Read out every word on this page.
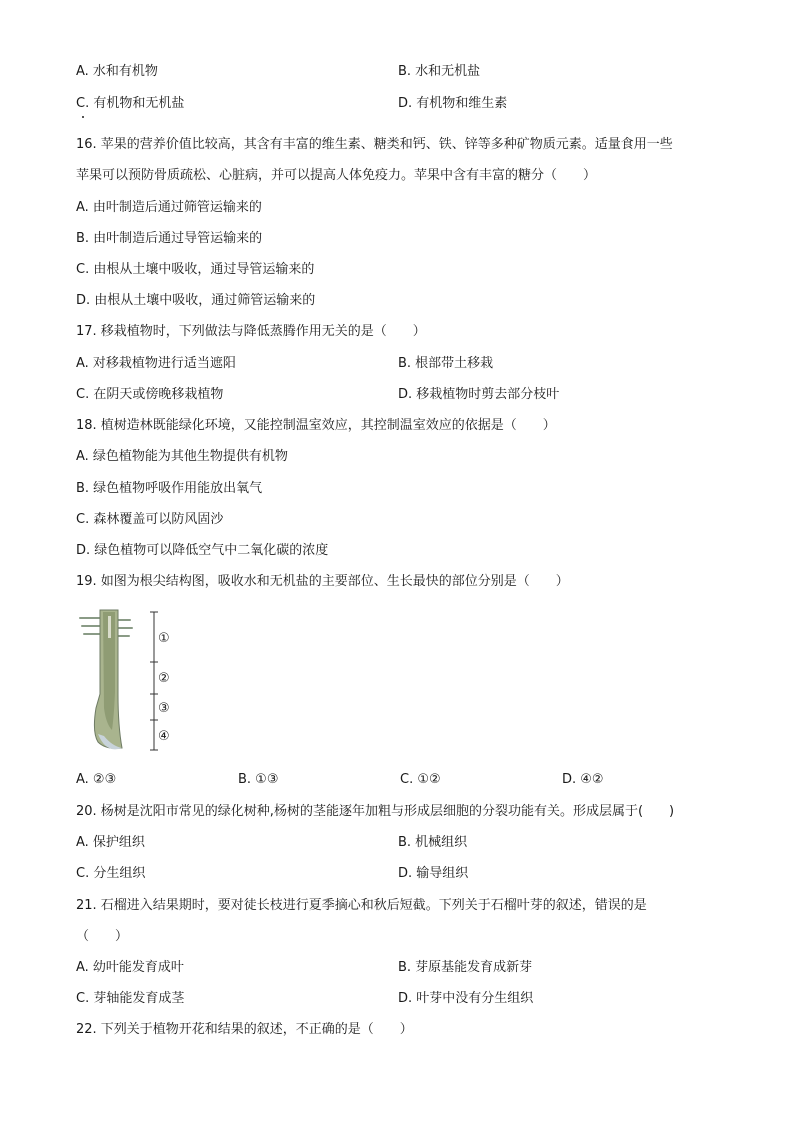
A. 水和有机物	B. 水和无机盐
C. 有机物和无机盐	D. 有机物和维生素
16. 苹果的营养价值比较高，其含有丰富的维生素、糖类和钙、铁、锌等多种矿物质元素。适量食用一些
苹果可以预防骨质疏松、心脏病，并可以提高人体免疫力。苹果中含有丰富的糖分（　　）
A. 由叶制造后通过筛管运输来的
B. 由叶制造后通过导管运输来的
C. 由根从土壤中吸收，通过导管运输来的
D. 由根从土壤中吸收，通过筛管运输来的
17. 移栽植物时，下列做法与降低蒸腾作用无关的是（　　）
A. 对移栽植物进行适当遮阳	B. 根部带土移栽
C. 在阴天或傍晚移栽植物	D. 移栽植物时剪去部分枝叶
18. 植树造林既能绿化环境，又能控制温室效应，其控制温室效应的依据是（　　）
A. 绿色植物能为其他生物提供有机物
B. 绿色植物呼吸作用能放出氧气
C. 森林覆盖可以防风固沙
D. 绿色植物可以降低空气中二氧化碳的浓度
19. 如图为根尖结构图，吸收水和无机盐的主要部位、生长最快的部位分别是（　　）
①
②
③
④
A. ②③	B. ①③	C. ①②	D. ④②
20. 杨树是沈阳市常见的绿化树种,杨树的茎能逐年加粗与形成层细胞的分裂功能有关。形成层属于(　　)
A. 保护组织	B. 机械组织
C. 分生组织	D. 输导组织
21. 石榴进入结果期时，要对徒长枝进行夏季摘心和秋后短截。下列关于石榴叶芽的叙述，错误的是
（　　）
A. 幼叶能发育成叶	B. 芽原基能发育成新芽
C. 芽轴能发育成茎	D. 叶芽中没有分生组织
22. 下列关于植物开花和结果的叙述，不正确的是（　　）
